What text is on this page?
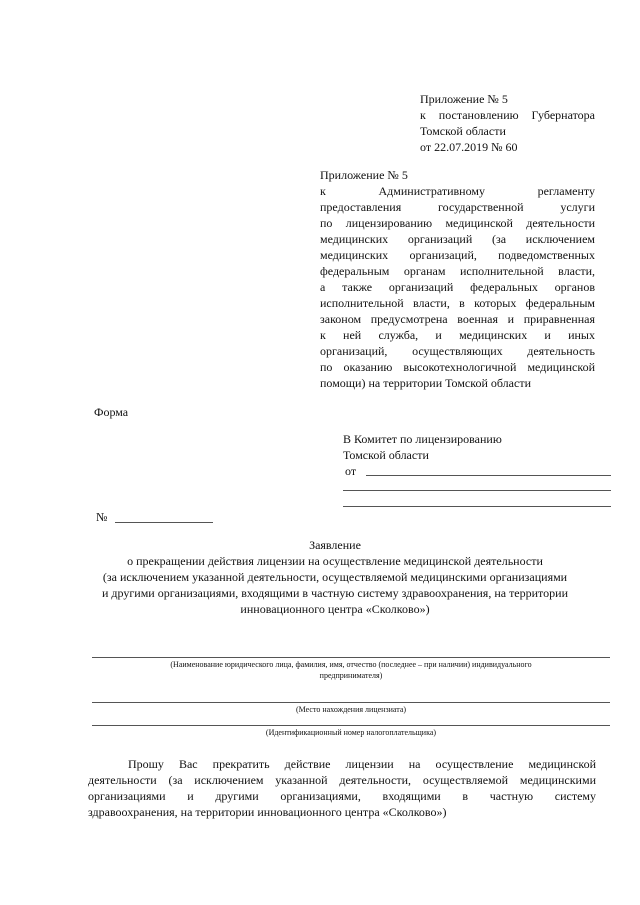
Приложение № 5
к постановлению Губернатора
Томской области
от 22.07.2019 № 60
Приложение № 5
к Административному регламенту
предоставления государственной услуги
по лицензированию медицинской деятельности
медицинских организаций (за исключением
медицинских организаций, подведомственных
федеральным органам исполнительной власти,
а также организаций федеральных органов
исполнительной власти, в которых федеральным
законом предусмотрена военная и приравненная
к ней служба, и медицинских и иных
организаций, осуществляющих деятельность
по оказанию высокотехнологичной медицинской
помощи) на территории Томской области
Форма
В Комитет по лицензированию
Томской области
от
№
Заявление
о прекращении действия лицензии на осуществление медицинской деятельности
(за исключением указанной деятельности, осуществляемой медицинскими организациями
и другими организациями, входящими в частную систему здравоохранения, на территории
инновационного центра «Сколково»)
(Наименование юридического лица, фамилия, имя, отчество (последнее – при наличии) индивидуального
предпринимателя)
(Место нахождения лицензиата)
(Идентификационный номер налогоплательщика)
Прошу Вас прекратить действие лицензии на осуществление медицинской
деятельности (за исключением указанной деятельности, осуществляемой медицинскими
организациями и другими организациями, входящими в частную систему
здравоохранения, на территории инновационного центра «Сколково»)
